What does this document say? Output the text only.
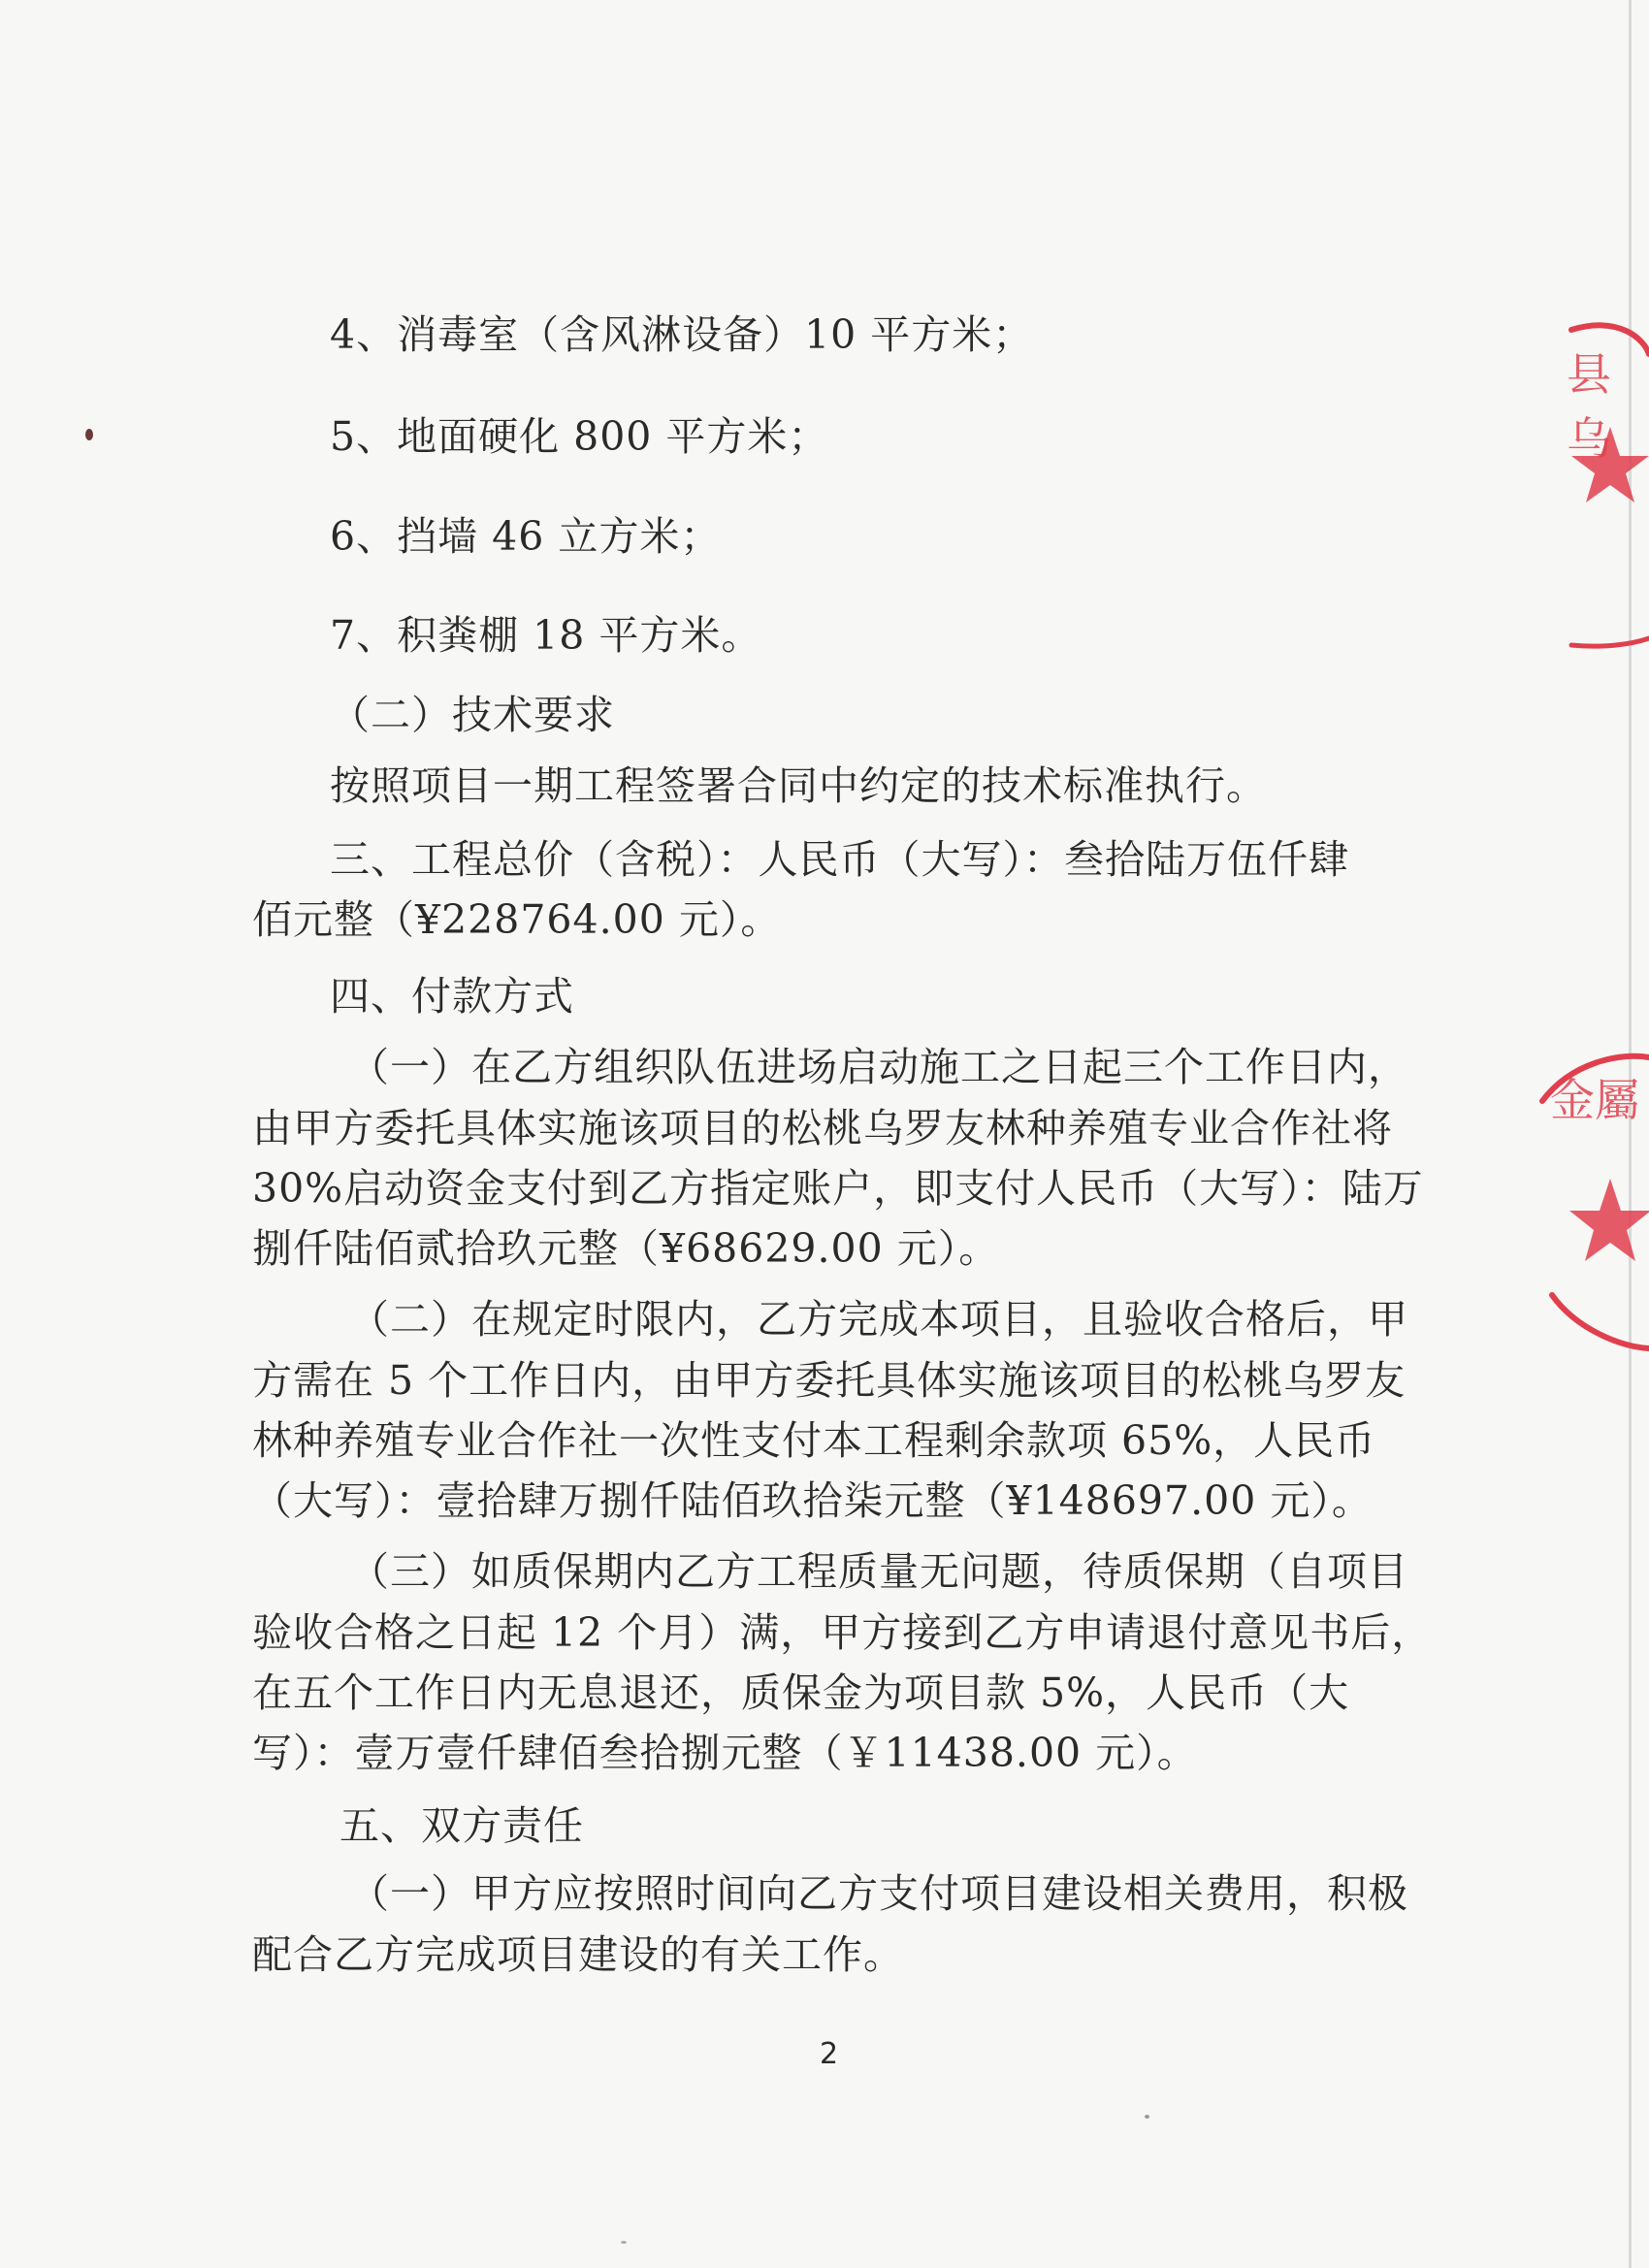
4、消毒室（含风淋设备）10 平方米；
5、地面硬化 800 平方米；
6、挡墙 46 立方米；
7、积粪棚 18 平方米。
（二）技术要求
按照项目一期工程签署合同中约定的技术标准执行。
三、工程总价（含税）：人民币（大写）：叁拾陆万伍仟肆
佰元整（¥228764.00 元）。
四、付款方式
（一）在乙方组织队伍进场启动施工之日起三个工作日内，
由甲方委托具体实施该项目的松桃乌罗友林种养殖专业合作社将
30%启动资金支付到乙方指定账户，即支付人民币（大写）：陆万
捌仟陆佰贰拾玖元整（¥68629.00 元）。
（二）在规定时限内，乙方完成本项目，且验收合格后，甲
方需在 5 个工作日内，由甲方委托具体实施该项目的松桃乌罗友
林种养殖专业合作社一次性支付本工程剩余款项 65%，人民币
（大写）：壹拾肆万捌仟陆佰玖拾柒元整（¥148697.00 元）。
（三）如质保期内乙方工程质量无问题，待质保期（自项目
验收合格之日起 12 个月）满，甲方接到乙方申请退付意见书后，
在五个工作日内无息退还，质保金为项目款 5%，人民币（大
写）：壹万壹仟肆佰叁拾捌元整（￥11438.00 元）。
五、双方责任
（一）甲方应按照时间向乙方支付项目建设相关费用，积极
配合乙方完成项目建设的有关工作。
2
县乌
金屬
